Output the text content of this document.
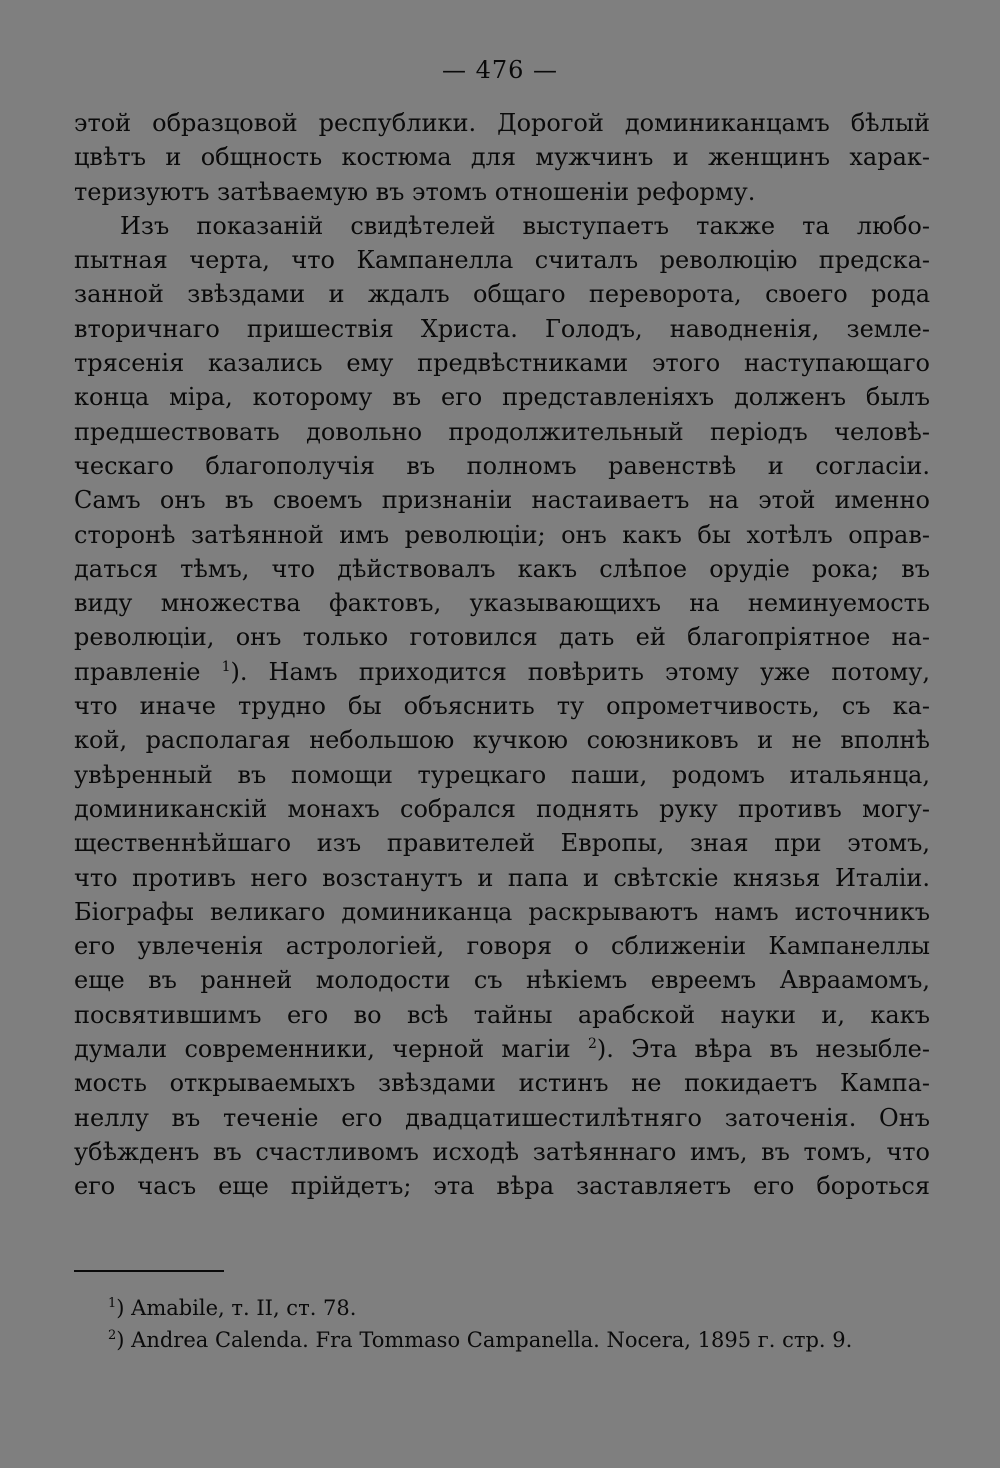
— 476 —
этой образцовой республики. Дорогой доминиканцамъ бѣлый
цвѣтъ и общность костюма для мужчинъ и женщинъ харак-
теризуютъ затѣваемую въ этомъ отношенiи реформу.
Изъ показанiй свидѣтелей выступаетъ также та любо-
пытная черта, что Кампанелла считалъ революцiю предска-
занной звѣздами и ждалъ общаго переворота, своего рода
вторичнаго пришествiя Христа. Голодъ, наводненiя, земле-
трясенiя казались ему предвѣстниками этого наступающаго
конца мiра, которому въ его представленiяхъ долженъ былъ
предшествовать довольно продолжительный перiодъ человѣ-
ческаго благополучiя въ полномъ равенствѣ и согласiи.
Самъ онъ въ своемъ признанiи настаиваетъ на этой именно
сторонѣ затѣянной имъ революцiи; онъ какъ бы хотѣлъ оправ-
даться тѣмъ, что дѣйствовалъ какъ слѣпое орудiе рока; въ
виду множества фактовъ, указывающихъ на неминуемость
революцiи, онъ только готовился дать ей благопрiятное на-
правленiе $^1$). Намъ приходится повѣрить этому уже потому,
что иначе трудно бы объяснить ту опрометчивость, съ ка-
кой, располагая небольшою кучкою союзниковъ и не вполнѣ
увѣренный въ помощи турецкаго паши, родомъ итальянца,
доминиканскiй монахъ собрался поднять руку противъ могу-
щественнѣйшаго изъ правителей Европы, зная при этомъ,
что противъ него возстанутъ и папа и свѣтскiе князья Италiи.
Бiографы великаго доминиканца раскрываютъ намъ источникъ
его увлеченiя астрологiей, говоря о сближенiи Кампанеллы
еще въ ранней молодости съ нѣкiемъ евреемъ Авраамомъ,
посвятившимъ его во всѣ тайны арабской науки и, какъ
думали современники, черной магiи $^2$). Эта вѣра въ незыбле-
мость открываемыхъ звѣздами истинъ не покидаетъ Кампа-
неллу въ теченiе его двадцатишестилѣтняго заточенiя. Онъ
убѣжденъ въ счастливомъ исходѣ затѣяннаго имъ, въ томъ, что
его часъ еще прiйдетъ; эта вѣра заставляетъ его бороться
$^1$) Amabile, т. II, ст. 78.
$^2$) Andrea Calenda. Fra Tommaso Campanella. Nocera, 1895 г. стр. 9.
